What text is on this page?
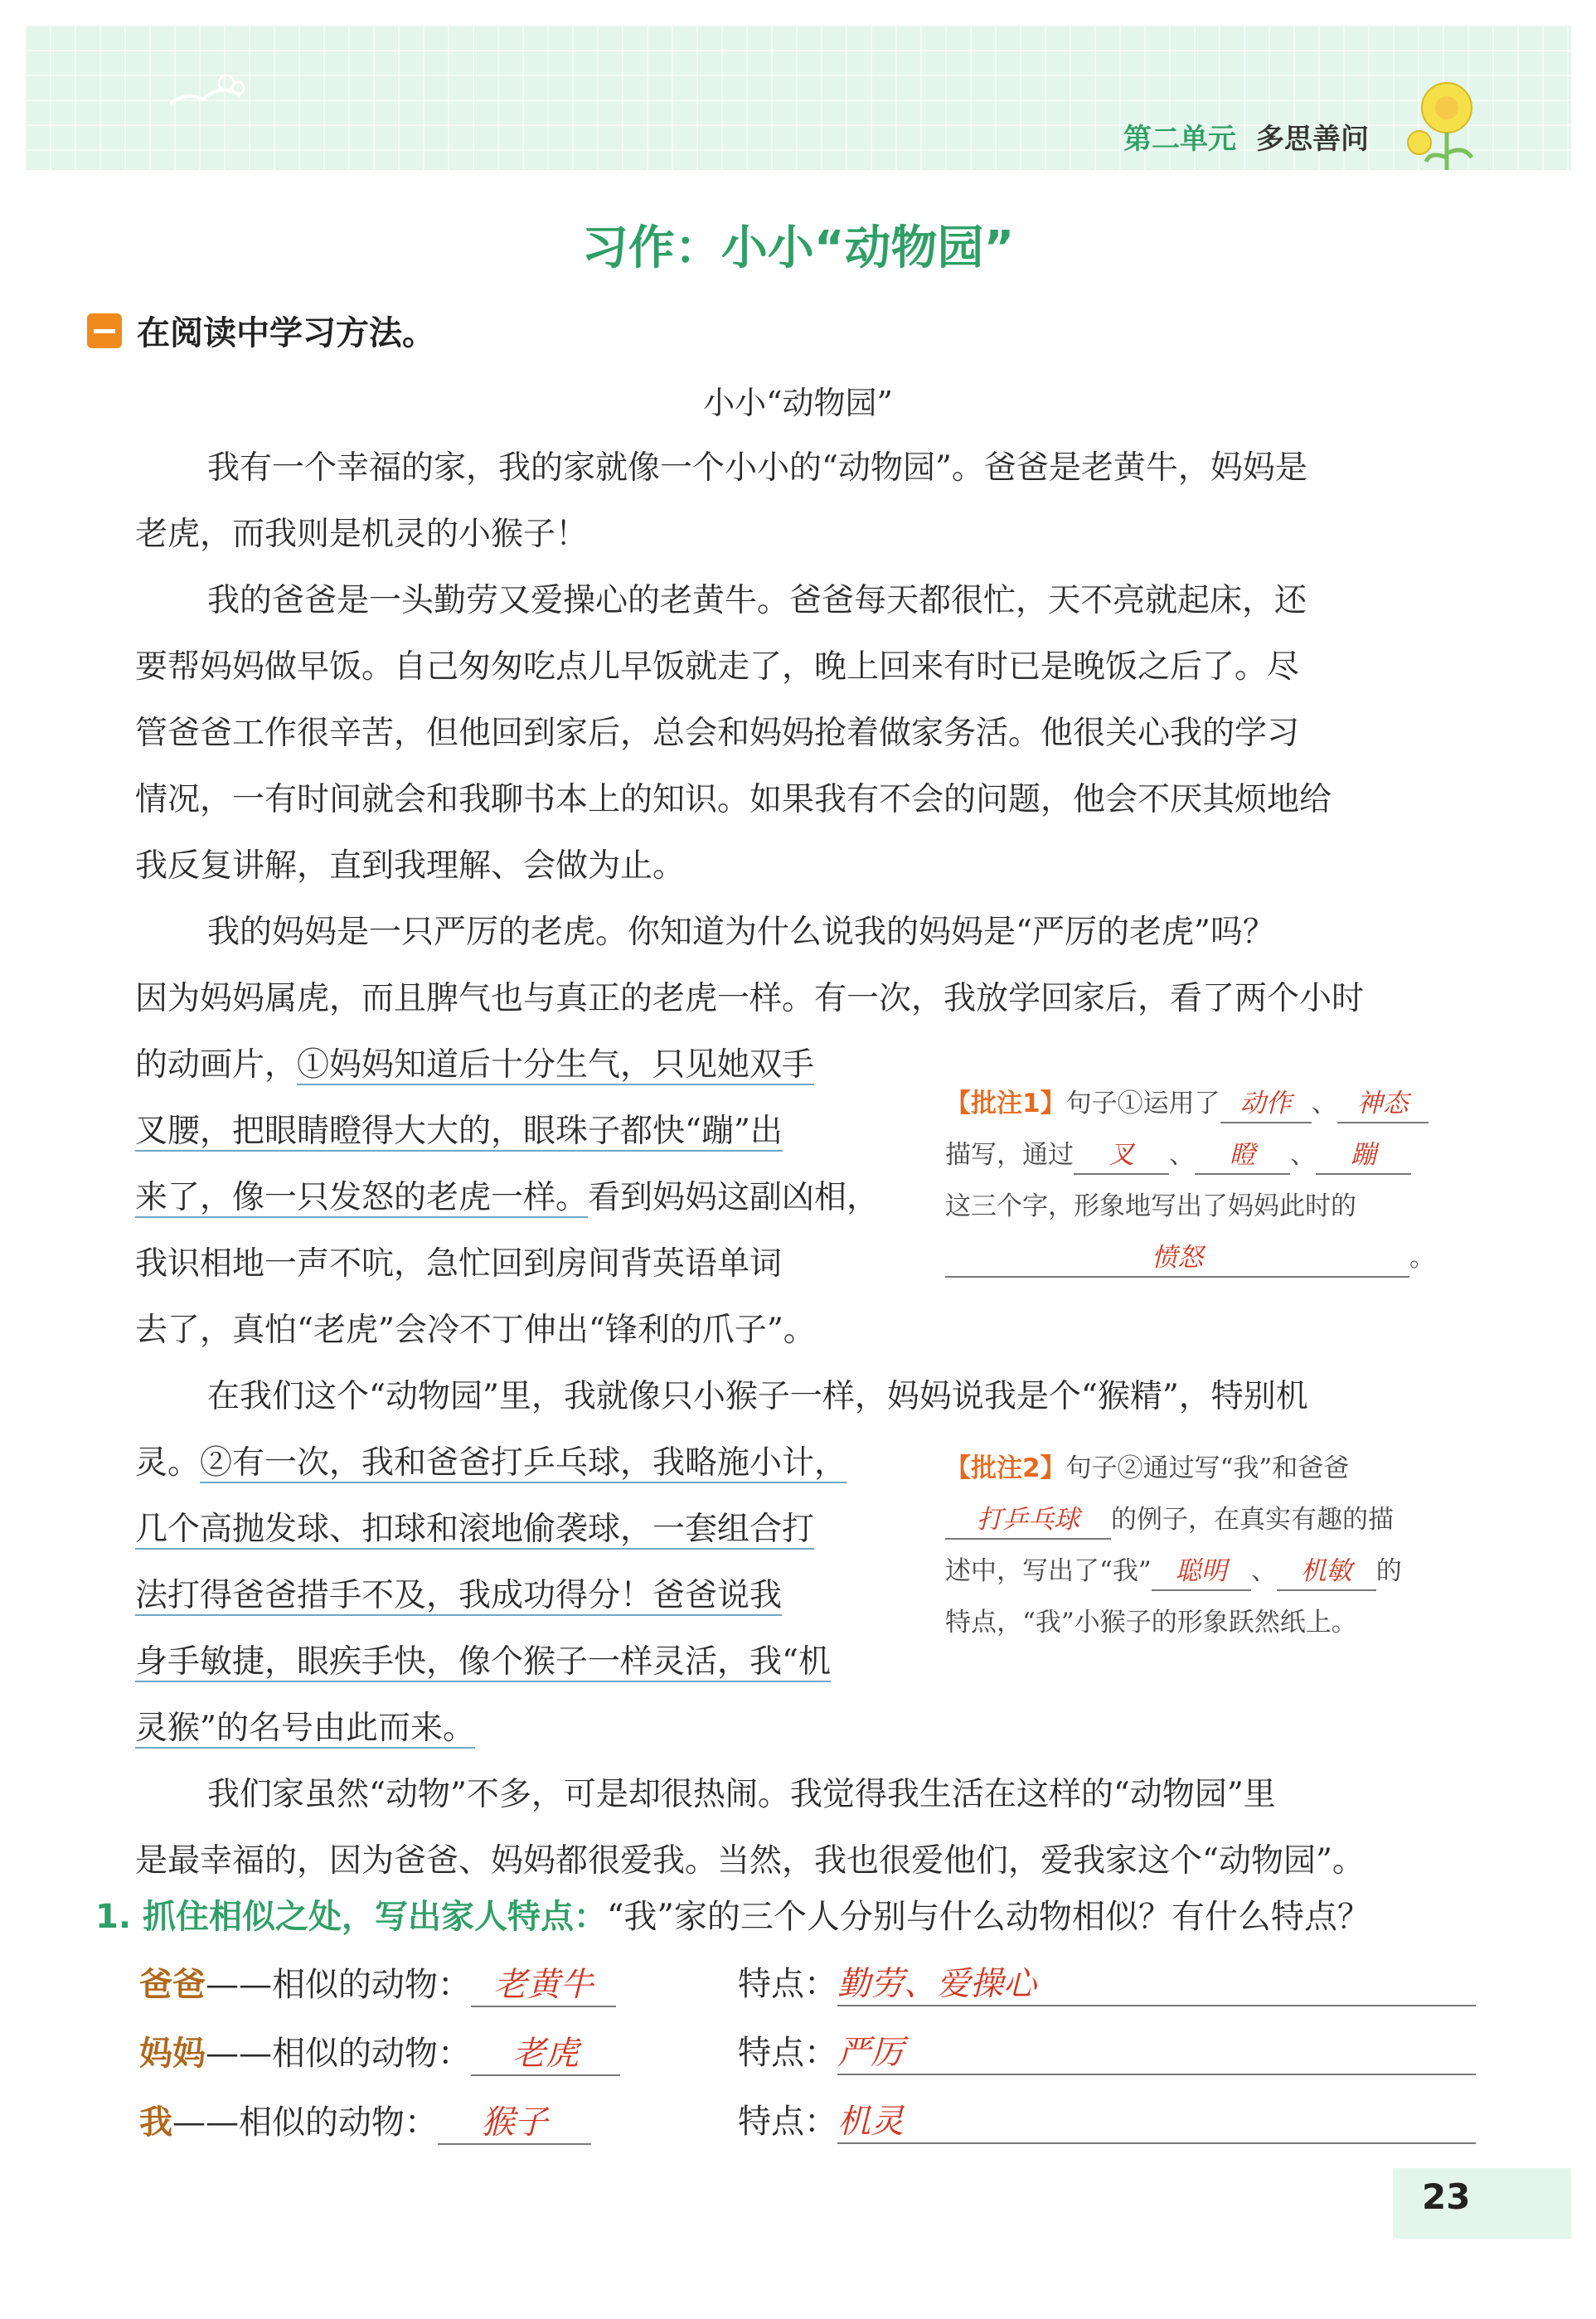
第二单元 多思善问
习作：小小“动物园”
在阅读中学习方法。
小小“动物园”

我有一个幸福的家，我的家就像一个小小的“动物园”。爸爸是老黄牛，妈妈是

老虎，而我则是机灵的小猴子！

我的爸爸是一头勤劳又爱操心的老黄牛。爸爸每天都很忙，天不亮就起床，还

要帮妈妈做早饭。自己匆匆吃点儿早饭就走了，晚上回来有时已是晚饭之后了。尽

管爸爸工作很辛苦，但他回到家后，总会和妈妈抢着做家务活。他很关心我的学习

情况，一有时间就会和我聊书本上的知识。如果我有不会的问题，他会不厌其烦地给

我反复讲解，直到我理解、会做为止。

我的妈妈是一只严厉的老虎。你知道为什么说我的妈妈是“严厉的老虎”吗？

因为妈妈属虎，而且脾气也与真正的老虎一样。有一次，我放学回家后，看了两个小时

的动画片，①妈妈知道后十分生气，只见她双手

叉腰，把眼睛瞪得大大的，眼珠子都快“蹦”出

来了，像一只发怒的老虎一样。看到妈妈这副凶相，

我识相地一声不吭，急忙回到房间背英语单词

去了，真怕“老虎”会冷不丁伸出“锋利的爪子”。

在我们这个“动物园”里，我就像只小猴子一样，妈妈说我是个“猴精”，特别机

灵。②有一次，我和爸爸打乒乓球，我略施小计，

几个高抛发球、扣球和滚地偷袭球，一套组合打

法打得爸爸措手不及，我成功得分！爸爸说我

身手敏捷，眼疾手快，像个猴子一样灵活，我“机

灵猴”的名号由此而来。

我们家虽然“动物”不多，可是却很热闹。我觉得我生活在这样的“动物园”里

是最幸福的，因为爸爸、妈妈都很爱我。当然，我也很爱他们，爱我家这个“动物园”。

【批注1】句子①运用了 动作 、 神态
描写，通过 叉 、 瞪 、 蹦
这三个字，形象地写出了妈妈此时的
愤怒	。
【批注2】句子②通过写“我”和爸爸
打乒乓球 的例子，在真实有趣的描
述中，写出了“我” 聪明 、 机敏 的
特点，“我”小猴子的形象跃然纸上。
1. 抓住相似之处，写出家人特点：“我”家的三个人分别与什么动物相似？有什么特点？
爸爸——相似的动物： 老黄牛	特点： 勤劳、爱操心
妈妈——相似的动物： 老虎	特点： 严厉
我——相似的动物： 猴子	特点： 机灵
23
